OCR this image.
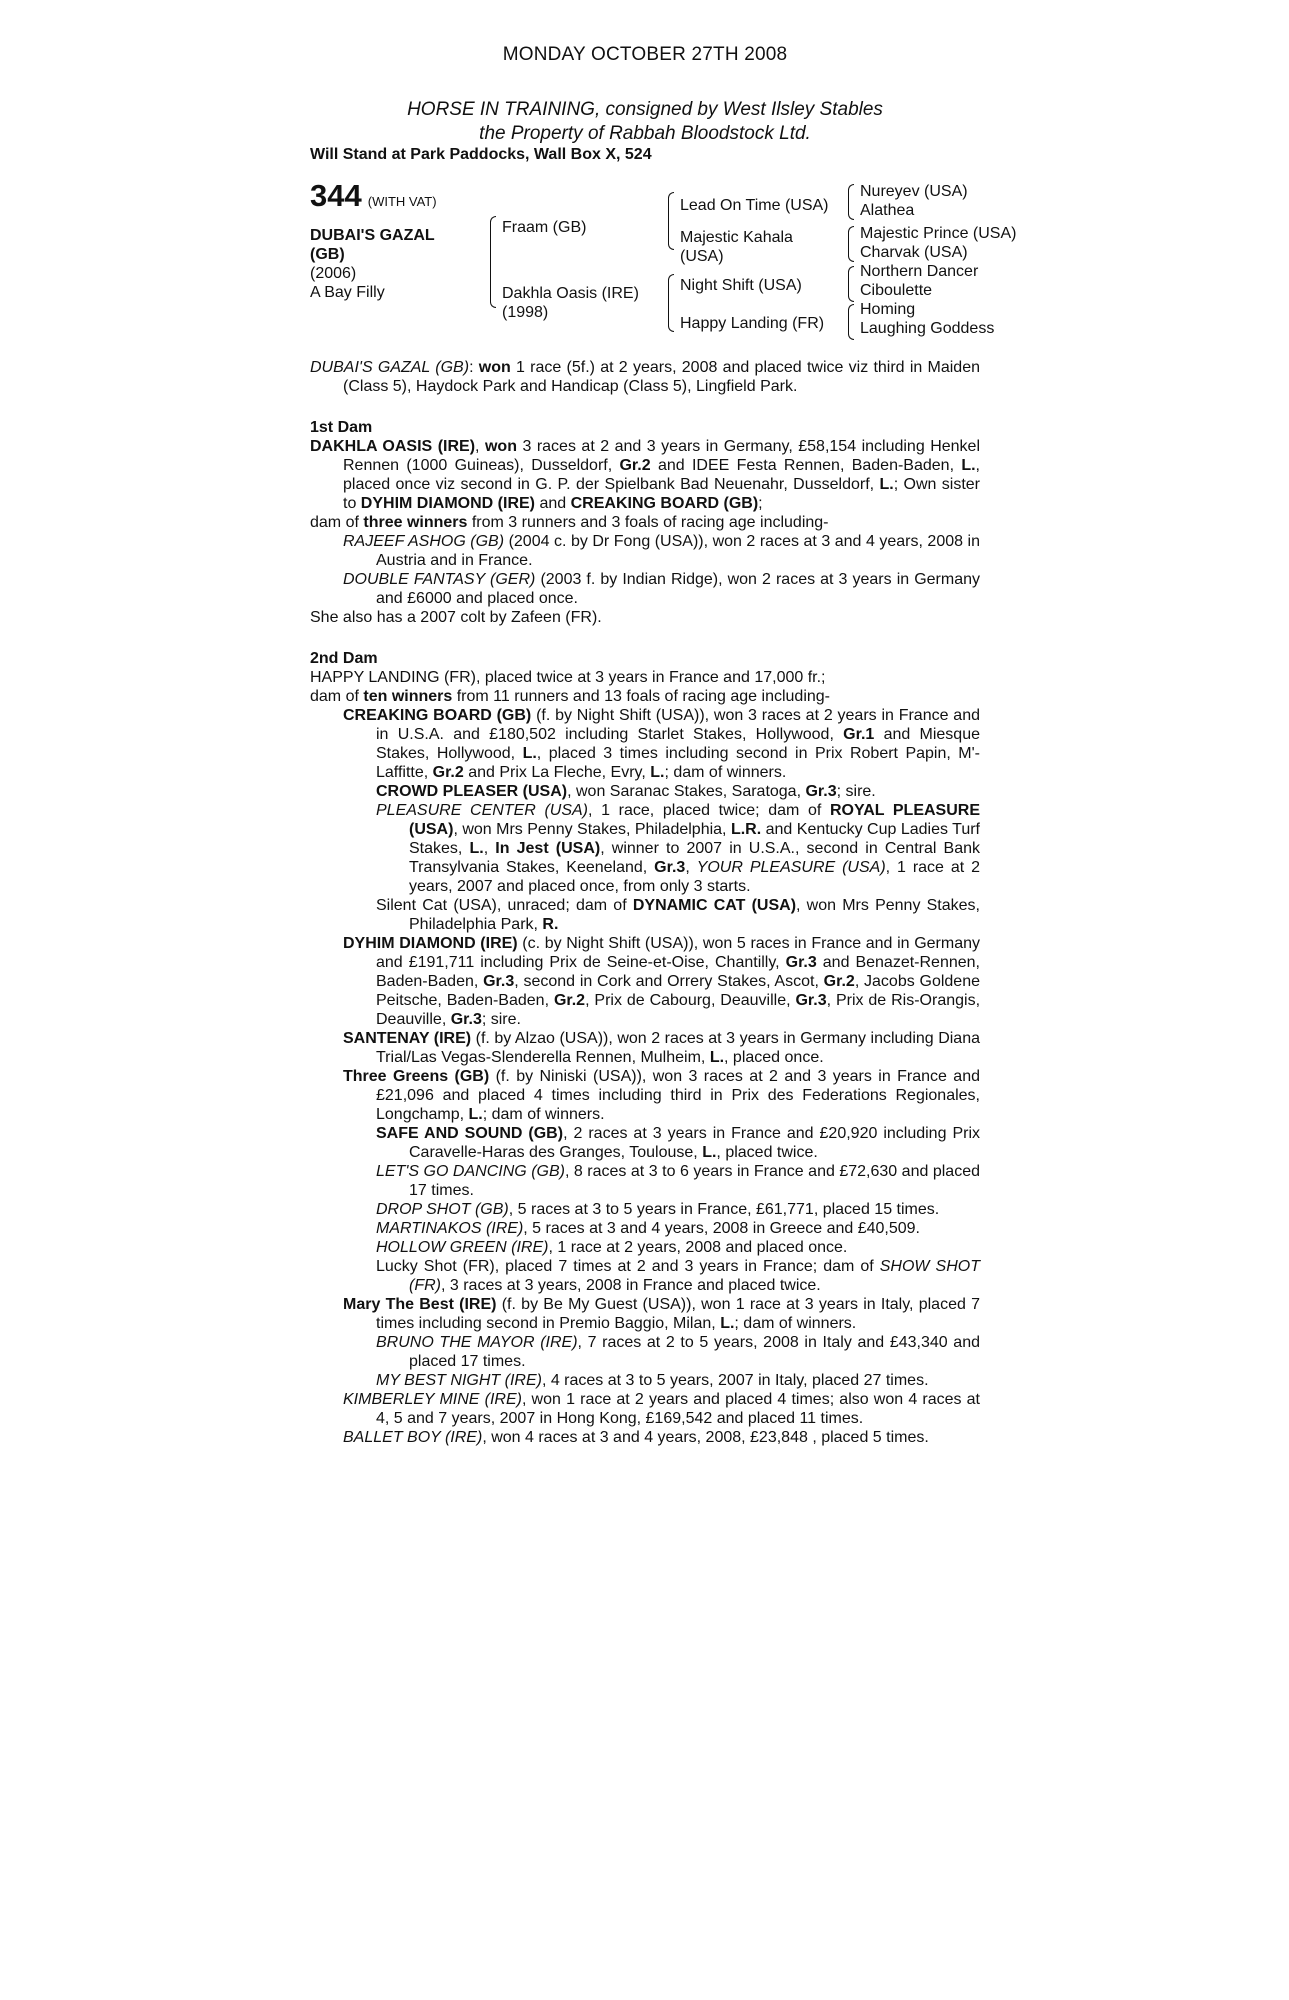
MONDAY OCTOBER 27TH 2008
HORSE IN TRAINING, consigned by West Ilsley Stables
the Property of Rabbah Bloodstock Ltd.
Will Stand at Park Paddocks, Wall Box X, 524
344 (WITH VAT)
DUBAI'S GAZAL
(GB)
(2006)
A Bay Filly
Fraam (GB)
Dakhla Oasis (IRE)
(1998)
Lead On Time (USA)
Majestic Kahala
(USA)
Night Shift (USA)
Happy Landing (FR)
Nureyev (USA)
Alathea
Majestic Prince (USA)
Charvak (USA)
Northern Dancer
Ciboulette
Homing
Laughing Goddess

DUBAI'S GAZAL (GB): won 1 race (5f.) at 2 years, 2008 and placed twice viz third in Maiden (Class 5), Haydock Park and Handicap (Class 5), Lingfield Park.

1st Dam

DAKHLA OASIS (IRE), won 3 races at 2 and 3 years in Germany, £58,154 including Henkel Rennen (1000 Guineas), Dusseldorf, Gr.2 and IDEE Festa Rennen, Baden-Baden, L., placed once viz second in G. P. der Spielbank Bad Neuenahr, Dusseldorf, L.; Own sister to DYHIM DIAMOND (IRE) and CREAKING BOARD (GB);

dam of three winners from 3 runners and 3 foals of racing age including-

RAJEEF ASHOG (GB) (2004 c. by Dr Fong (USA)), won 2 races at 3 and 4 years, 2008 in Austria and in France.

DOUBLE FANTASY (GER) (2003 f. by Indian Ridge), won 2 races at 3 years in Germany and £6000 and placed once.

She also has a 2007 colt by Zafeen (FR).

2nd Dam

HAPPY LANDING (FR), placed twice at 3 years in France and 17,000 fr.;

dam of ten winners from 11 runners and 13 foals of racing age including-

CREAKING BOARD (GB) (f. by Night Shift (USA)), won 3 races at 2 years in France and in U.S.A. and £180,502 including Starlet Stakes, Hollywood, Gr.1 and Miesque Stakes, Hollywood, L., placed 3 times including second in Prix Robert Papin, M'-Laffitte, Gr.2 and Prix La Fleche, Evry, L.; dam of winners.

CROWD PLEASER (USA), won Saranac Stakes, Saratoga, Gr.3; sire.

PLEASURE CENTER (USA), 1 race, placed twice; dam of ROYAL PLEASURE (USA), won Mrs Penny Stakes, Philadelphia, L.R. and Kentucky Cup Ladies Turf Stakes, L., In Jest (USA), winner to 2007 in U.S.A., second in Central Bank Transylvania Stakes, Keeneland, Gr.3, YOUR PLEASURE (USA), 1 race at 2 years, 2007 and placed once, from only 3 starts.

Silent Cat (USA), unraced; dam of DYNAMIC CAT (USA), won Mrs Penny Stakes, Philadelphia Park, R.

DYHIM DIAMOND (IRE) (c. by Night Shift (USA)), won 5 races in France and in Germany and £191,711 including Prix de Seine-et-Oise, Chantilly, Gr.3 and Benazet-Rennen, Baden-Baden, Gr.3, second in Cork and Orrery Stakes, Ascot, Gr.2, Jacobs Goldene Peitsche, Baden-Baden, Gr.2, Prix de Cabourg, Deauville, Gr.3, Prix de Ris-Orangis, Deauville, Gr.3; sire.

SANTENAY (IRE) (f. by Alzao (USA)), won 2 races at 3 years in Germany including Diana Trial/Las Vegas-Slenderella Rennen, Mulheim, L., placed once.

Three Greens (GB) (f. by Niniski (USA)), won 3 races at 2 and 3 years in France and £21,096 and placed 4 times including third in Prix des Federations Regionales, Longchamp, L.; dam of winners.

SAFE AND SOUND (GB), 2 races at 3 years in France and £20,920 including Prix Caravelle-Haras des Granges, Toulouse, L., placed twice.

LET'S GO DANCING (GB), 8 races at 3 to 6 years in France and £72,630 and placed 17 times.

DROP SHOT (GB), 5 races at 3 to 5 years in France, £61,771, placed 15 times.

MARTINAKOS (IRE), 5 races at 3 and 4 years, 2008 in Greece and £40,509.

HOLLOW GREEN (IRE), 1 race at 2 years, 2008 and placed once.

Lucky Shot (FR), placed 7 times at 2 and 3 years in France; dam of SHOW SHOT (FR), 3 races at 3 years, 2008 in France and placed twice.

Mary The Best (IRE) (f. by Be My Guest (USA)), won 1 race at 3 years in Italy, placed 7 times including second in Premio Baggio, Milan, L.; dam of winners.

BRUNO THE MAYOR (IRE), 7 races at 2 to 5 years, 2008 in Italy and £43,340 and placed 17 times.

MY BEST NIGHT (IRE), 4 races at 3 to 5 years, 2007 in Italy, placed 27 times.

KIMBERLEY MINE (IRE), won 1 race at 2 years and placed 4 times; also won 4 races at 4, 5 and 7 years, 2007 in Hong Kong, £169,542 and placed 11 times.

BALLET BOY (IRE), won 4 races at 3 and 4 years, 2008, £23,848 , placed 5 times.
